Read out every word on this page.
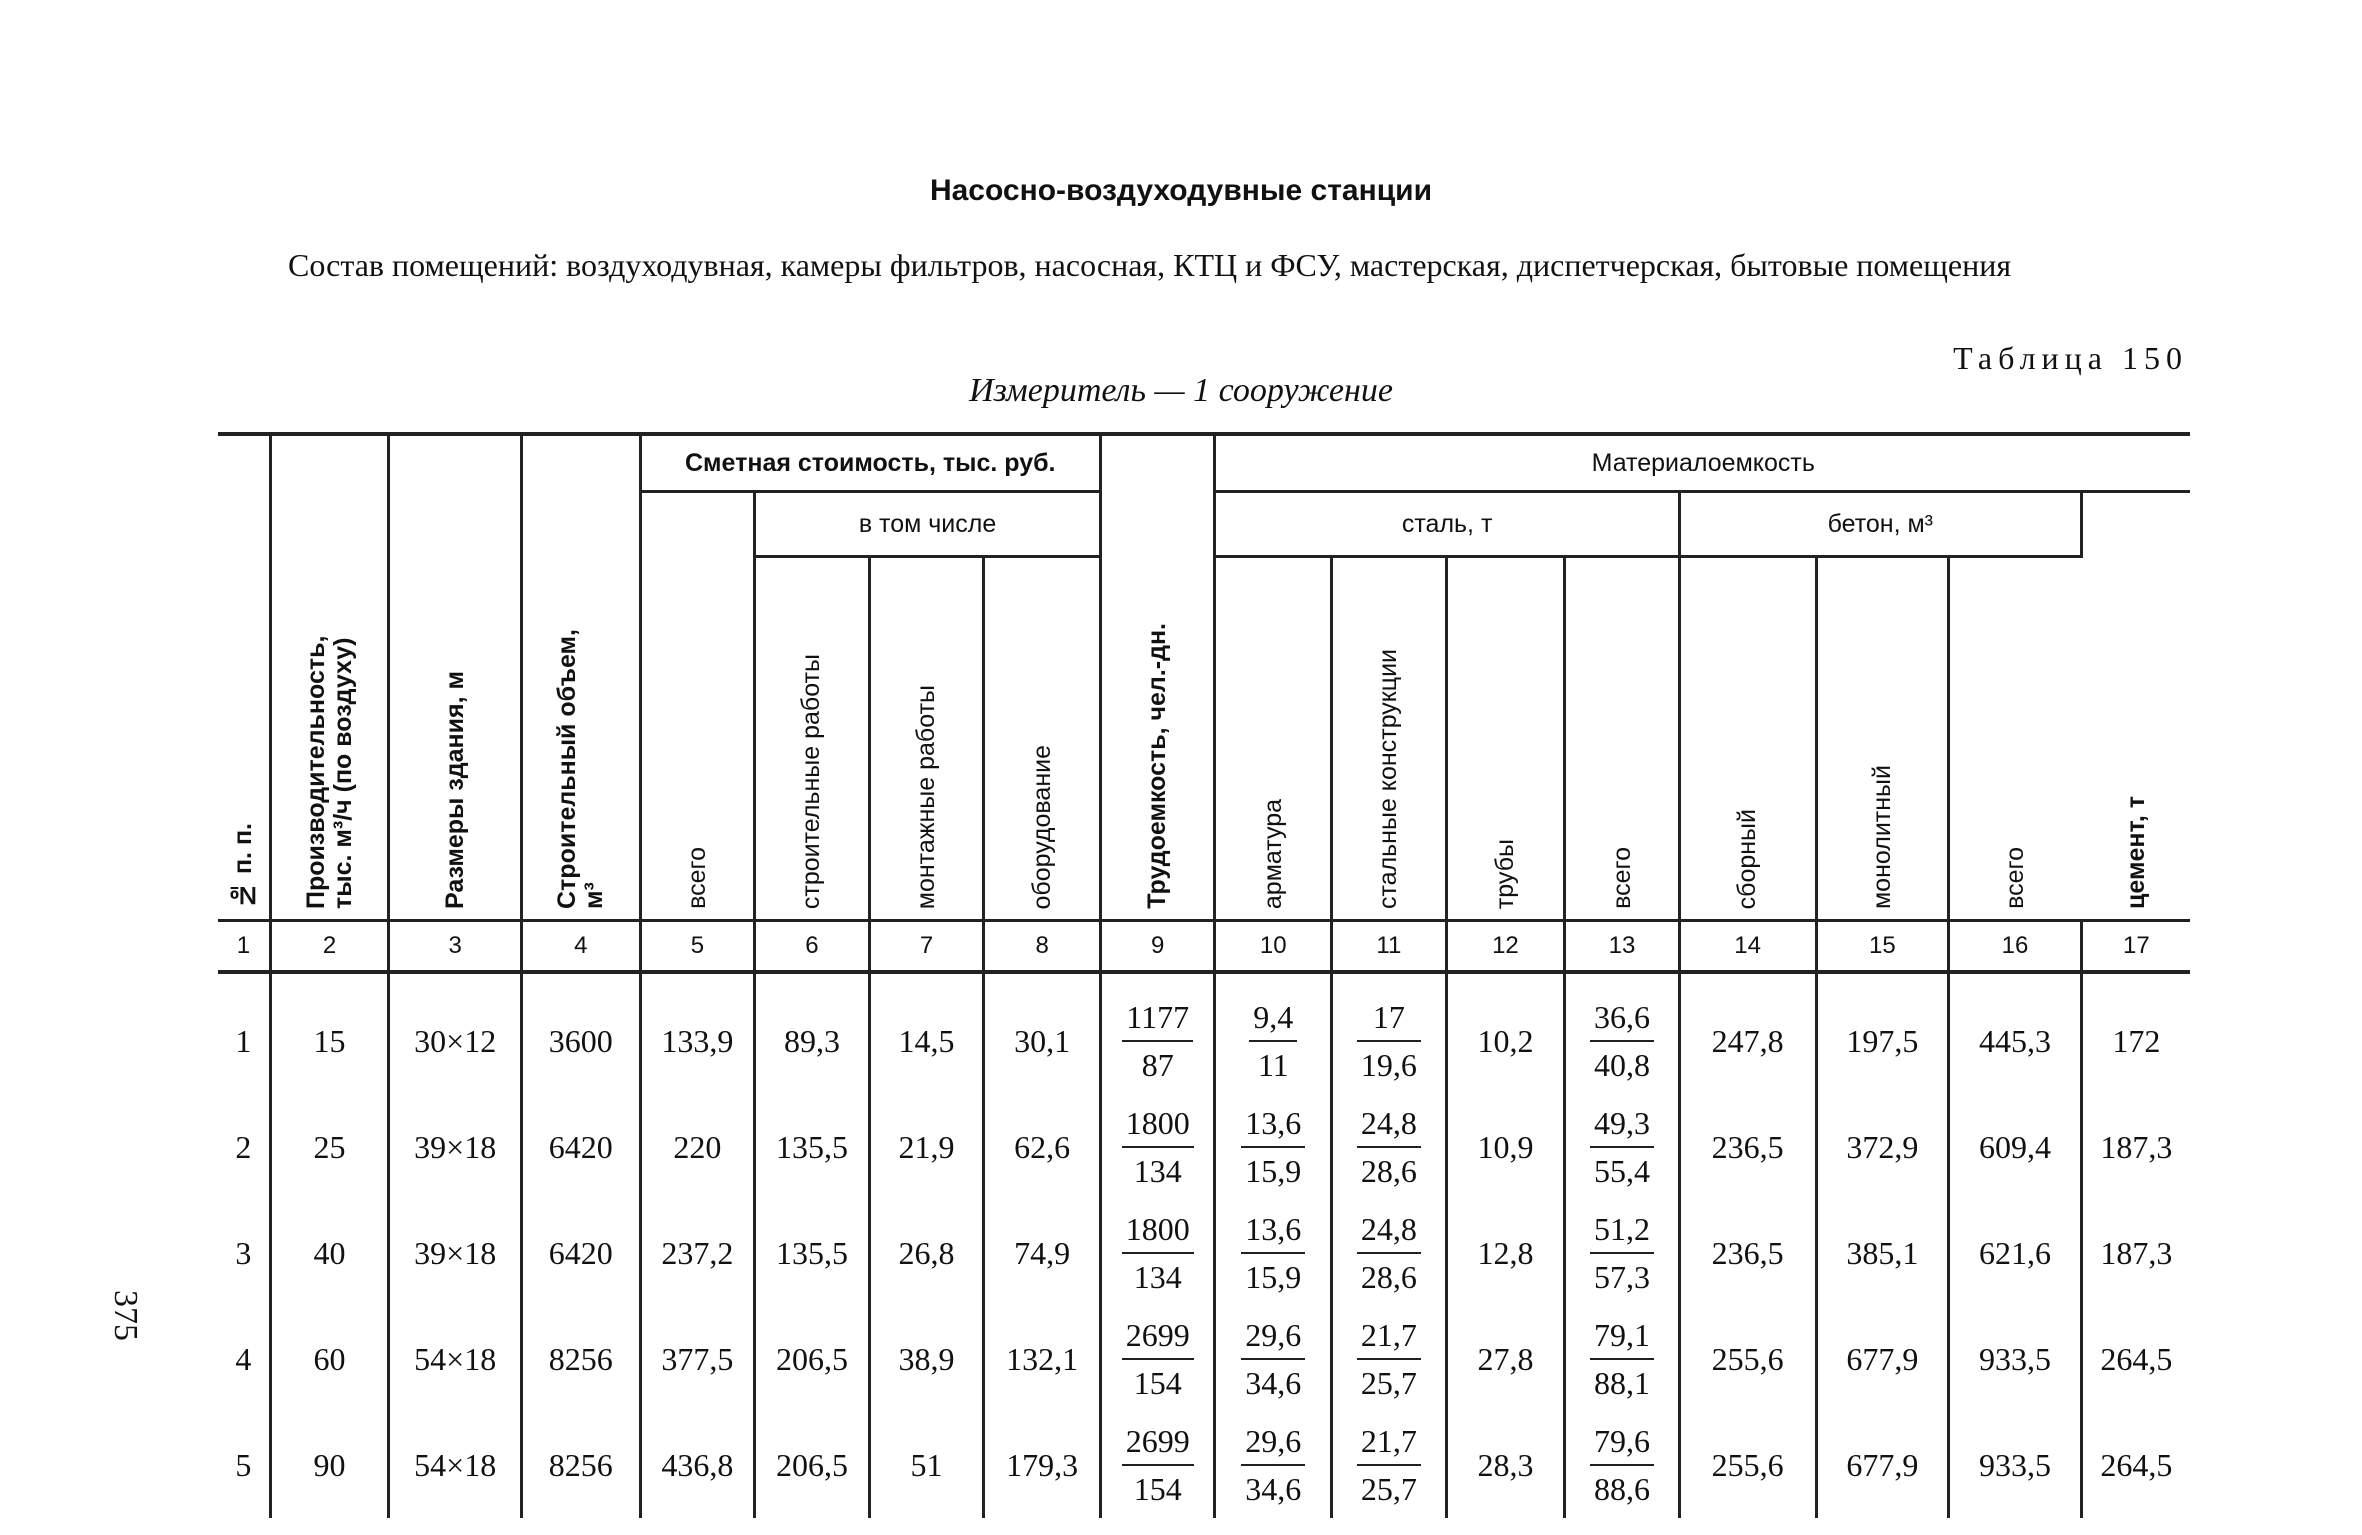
Насосно-воздуходувные станции
Состав помещений: воздуходувная, камеры фильтров, насосная, КТЦ и ФСУ, мастерская, диспетчерская, бытовые помещения
Таблица 150
Измеритель — 1 сооружение
375
№ п. п.	Производительность, тыс. м³/ч (по воздуху)	Размеры здания, м	Строительный объем, м³	Сметная стоимость, тыс. руб.				Трудоемкость, чел.-дн.	Материалоемкость							

				всего	в том числе				сталь, т				бетон, м³			цемент, т

					строительные работы	монтажные работы	оборудование		арматура	стальные конструкции	трубы	всего	сборный	монолитный	всего	

1	2	3	4	5	6	7	8	9	10	11	12	13	14	15	16	17
1	15	30×12	3600	133,9	89,3	14,5	30,1	$\frac{1177}{87}$	$\frac{9,4}{11}$	$\frac{17}{19,6}$	10,2	$\frac{36,6}{40,8}$	247,8	197,5	445,3	172
2	25	39×18	6420	220	135,5	21,9	62,6	$\frac{1800}{134}$	$\frac{13,6}{15,9}$	$\frac{24,8}{28,6}$	10,9	$\frac{49,3}{55,4}$	236,5	372,9	609,4	187,3
3	40	39×18	6420	237,2	135,5	26,8	74,9	$\frac{1800}{134}$	$\frac{13,6}{15,9}$	$\frac{24,8}{28,6}$	12,8	$\frac{51,2}{57,3}$	236,5	385,1	621,6	187,3
4	60	54×18	8256	377,5	206,5	38,9	132,1	$\frac{2699}{154}$	$\frac{29,6}{34,6}$	$\frac{21,7}{25,7}$	27,8	$\frac{79,1}{88,1}$	255,6	677,9	933,5	264,5
5	90	54×18	8256	436,8	206,5	51	179,3	$\frac{2699}{154}$	$\frac{29,6}{34,6}$	$\frac{21,7}{25,7}$	28,3	$\frac{79,6}{88,6}$	255,6	677,9	933,5	264,5
